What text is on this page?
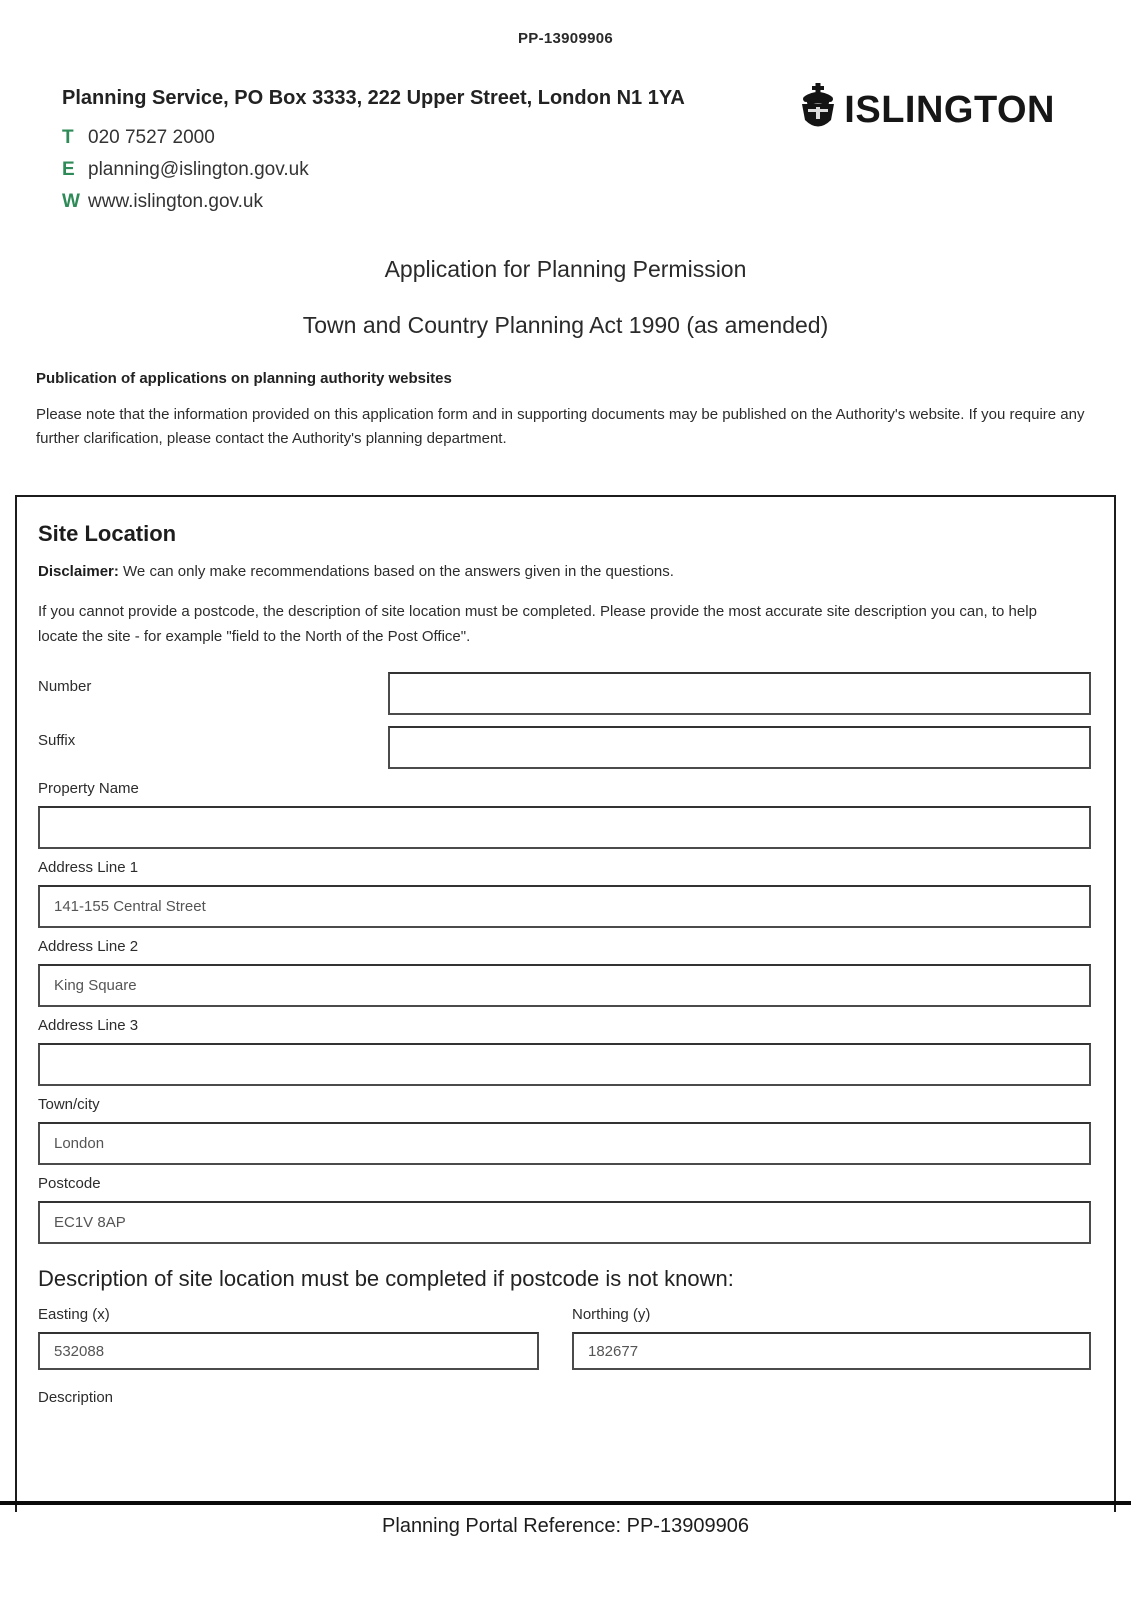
PP-13909906
Planning Service, PO Box 3333, 222 Upper Street, London N1 1YA
T 020 7527 2000
E planning@islington.gov.uk
W www.islington.gov.uk
ISLINGTON
Application for Planning Permission
Town and Country Planning Act 1990 (as amended)
Publication of applications on planning authority websites
Please note that the information provided on this application form and in supporting documents may be published on the Authority's website. If you require any further clarification, please contact the Authority's planning department.
Site Location
Disclaimer: We can only make recommendations based on the answers given in the questions.
If you cannot provide a postcode, the description of site location must be completed. Please provide the most accurate site description you can, to help locate the site - for example "field to the North of the Post Office".
Number
Suffix
Property Name
Address Line 1
141-155 Central Street
Address Line 2
King Square
Address Line 3
Town/city
London
Postcode
EC1V 8AP
Description of site location must be completed if postcode is not known:
Easting (x)
532088	Northing (y)
182677
Description
Planning Portal Reference: PP-13909906
